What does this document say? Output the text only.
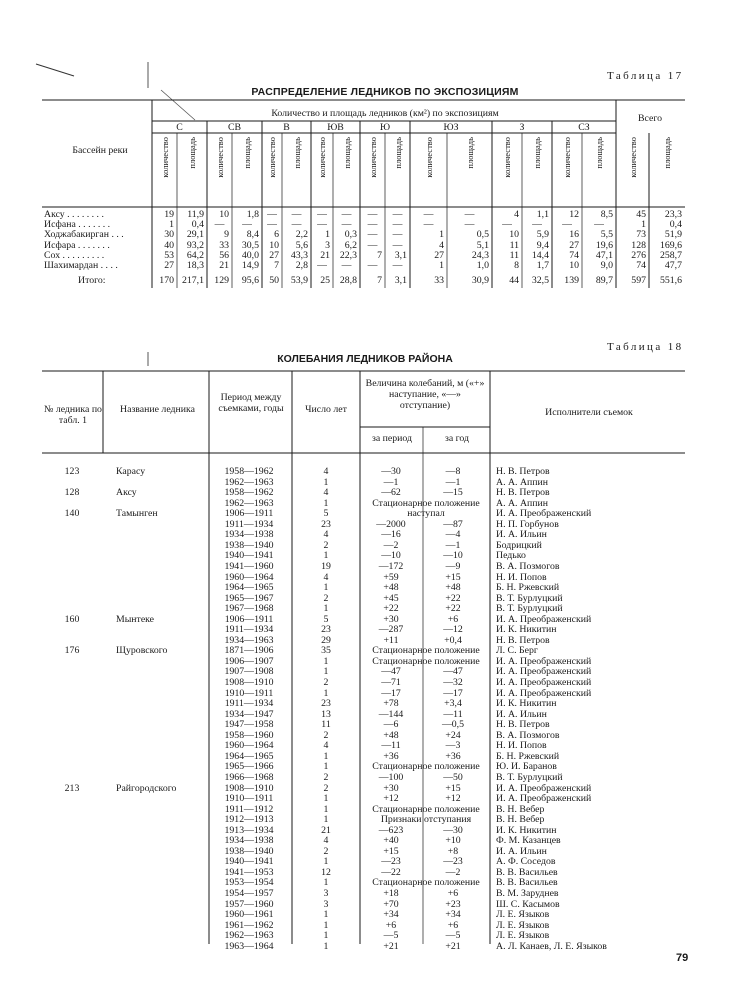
Таблица 17
РАСПРЕДЕЛЕНИЕ ЛЕДНИКОВ ПО ЭКСПОЗИЦИЯМ
Количество и площадь ледников (км²) по экспозициям
Бассейн реки
Всего
С	СВ	В	ЮВ	Ю	ЮЗ	З	СЗ
количество площадь количество площадь количество площадь количество площадь количество площадь количество	площадь	количество площадь количество	площадь	количество	площадь
Аксу . . . . . . . .	19	11,9	10	1,8 —	—	—	—	—	—	—	—	4	1,1	12	8,5	45	23,3
Исфана . . . . . . .	1	0,4	—	—	—	—	—	—	—	—	—	—	—	—	—	—	1	0,4
Ходжабакирган . . .	30	29,1	9	8,4	6	2,2	1	0,3	—	—	1	0,5	10	5,9	16	5,5	73	51,9
Исфара . . . . . . .	40	93,2	33	30,5	10	5,6	3	6,2	—	—	4	5,1	11	9,4	27	19,6	128	169,6
Сох . . . . . . . . .	53	64,2	56	40,0	27	43,3	21	22,3	7	3,1	27	24,3	11	14,4	74	47,1	276	258,7
Шахимардан . . . .	27	18,3	21	14,9	7	2,8 —	—	—	—	1	1,0	8	1,7	10	9,0	74	47,7
Итого:	170 217,1	129	95,6	50	53,9	25	28,8	7	3,1	33	30,9	44	32,5	139	89,7	597	551,6
Таблица 18
КОЛЕБАНИЯ ЛЕДНИКОВ РАЙОНА
№ ледника по табл. 1
Название ледника
Период между съемками, годы	Число лет
Величина колебаний, м («+» наступание, «—» отступание)
за период	за год
Исполнители съемок
123	Карасу	1958—1962	4	—30	—8	Н. В. Петров
1962—1963	1	—1	—1	А. А. Аппин
128	Аксу	1958—1962	4	—62	—15	Н. В. Петров
1962—1963	1	Стационарное положение	А. А. Аппин
140	Тамынген	1906—1911	5	наступал	И. А. Преображенский
1911—1934	23	—2000	—87	Н. П. Горбунов
1934—1938	4	—16	—4	И. А. Ильин
1938—1940	2	—2	—1	Бодрицкий
1940—1941	1	—10	—10	Педько
1941—1960	19	—172	—9	В. А. Позмогов
1960—1964	4	+59	+15	Н. И. Попов
1964—1965	1	+48	+48	Б. Н. Ржевский
1965—1967	2	+45	+22	В. Т. Бурлуцкий
1967—1968	1	+22	+22	В. Т. Бурлуцкий
160	Мынтеке	1906—1911	5	+30	+6	И. А. Преображенский
1911—1934	23	—287	—12	И. К. Никитин
1934—1963	29	+11	+0,4	Н. В. Петров
176	Щуровского	1871—1906	35	Стационарное положение	Л. С. Берг
1906—1907	1	Стационарное положение	И. А. Преображенский
1907—1908	1	—47	—47	И. А. Преображенский
1908—1910	2	—71	—32	И. А. Преображенский
1910—1911	1	—17	—17	И. А. Преображенский
1911—1934	23	+78	+3,4	И. К. Никитин
1934—1947	13	—144	—11	И. А. Ильин
1947—1958	11	—6	—0,5	Н. В. Петров
1958—1960	2	+48	+24	В. А. Позмогов
1960—1964	4	—11	—3	Н. И. Попов
1964—1965	1	+36	+36	Б. Н. Ржевский
1965—1966	1	Стационарное положение	Ю. И. Баранов
1966—1968	2	—100	—50	В. Т. Бурлуцкий
213	Райгородского	1908—1910	2	+30	+15	И. А. Преображенский
1910—1911	1	+12	+12	И. А. Преображенский
1911—1912	1	Стационарное положение	В. Н. Вебер
1912—1913	1	Признаки отступания	В. Н. Вебер
1913—1934	21	—623	—30	И. К. Никитин
1934—1938	4	+40	+10	Ф. М. Казанцев
1938—1940	2	+15	+8	И. А. Ильин
1940—1941	1	—23	—23	А. Ф. Соседов
1941—1953	12	—22	—2	В. В. Васильев
1953—1954	1	Стационарное положение	В. В. Васильев
1954—1957	3	+18	+6	В. М. Заруднев
1957—1960	3	+70	+23	Ш. С. Касымов
1960—1961	1	+34	+34	Л. Е. Языков
1961—1962	1	+6	+6	Л. Е. Языков
1962—1963	1	—5	—5	Л. Е. Языков
1963—1964	1	+21	+21	А. Л. Канаев, Л. Е. Языков
79
